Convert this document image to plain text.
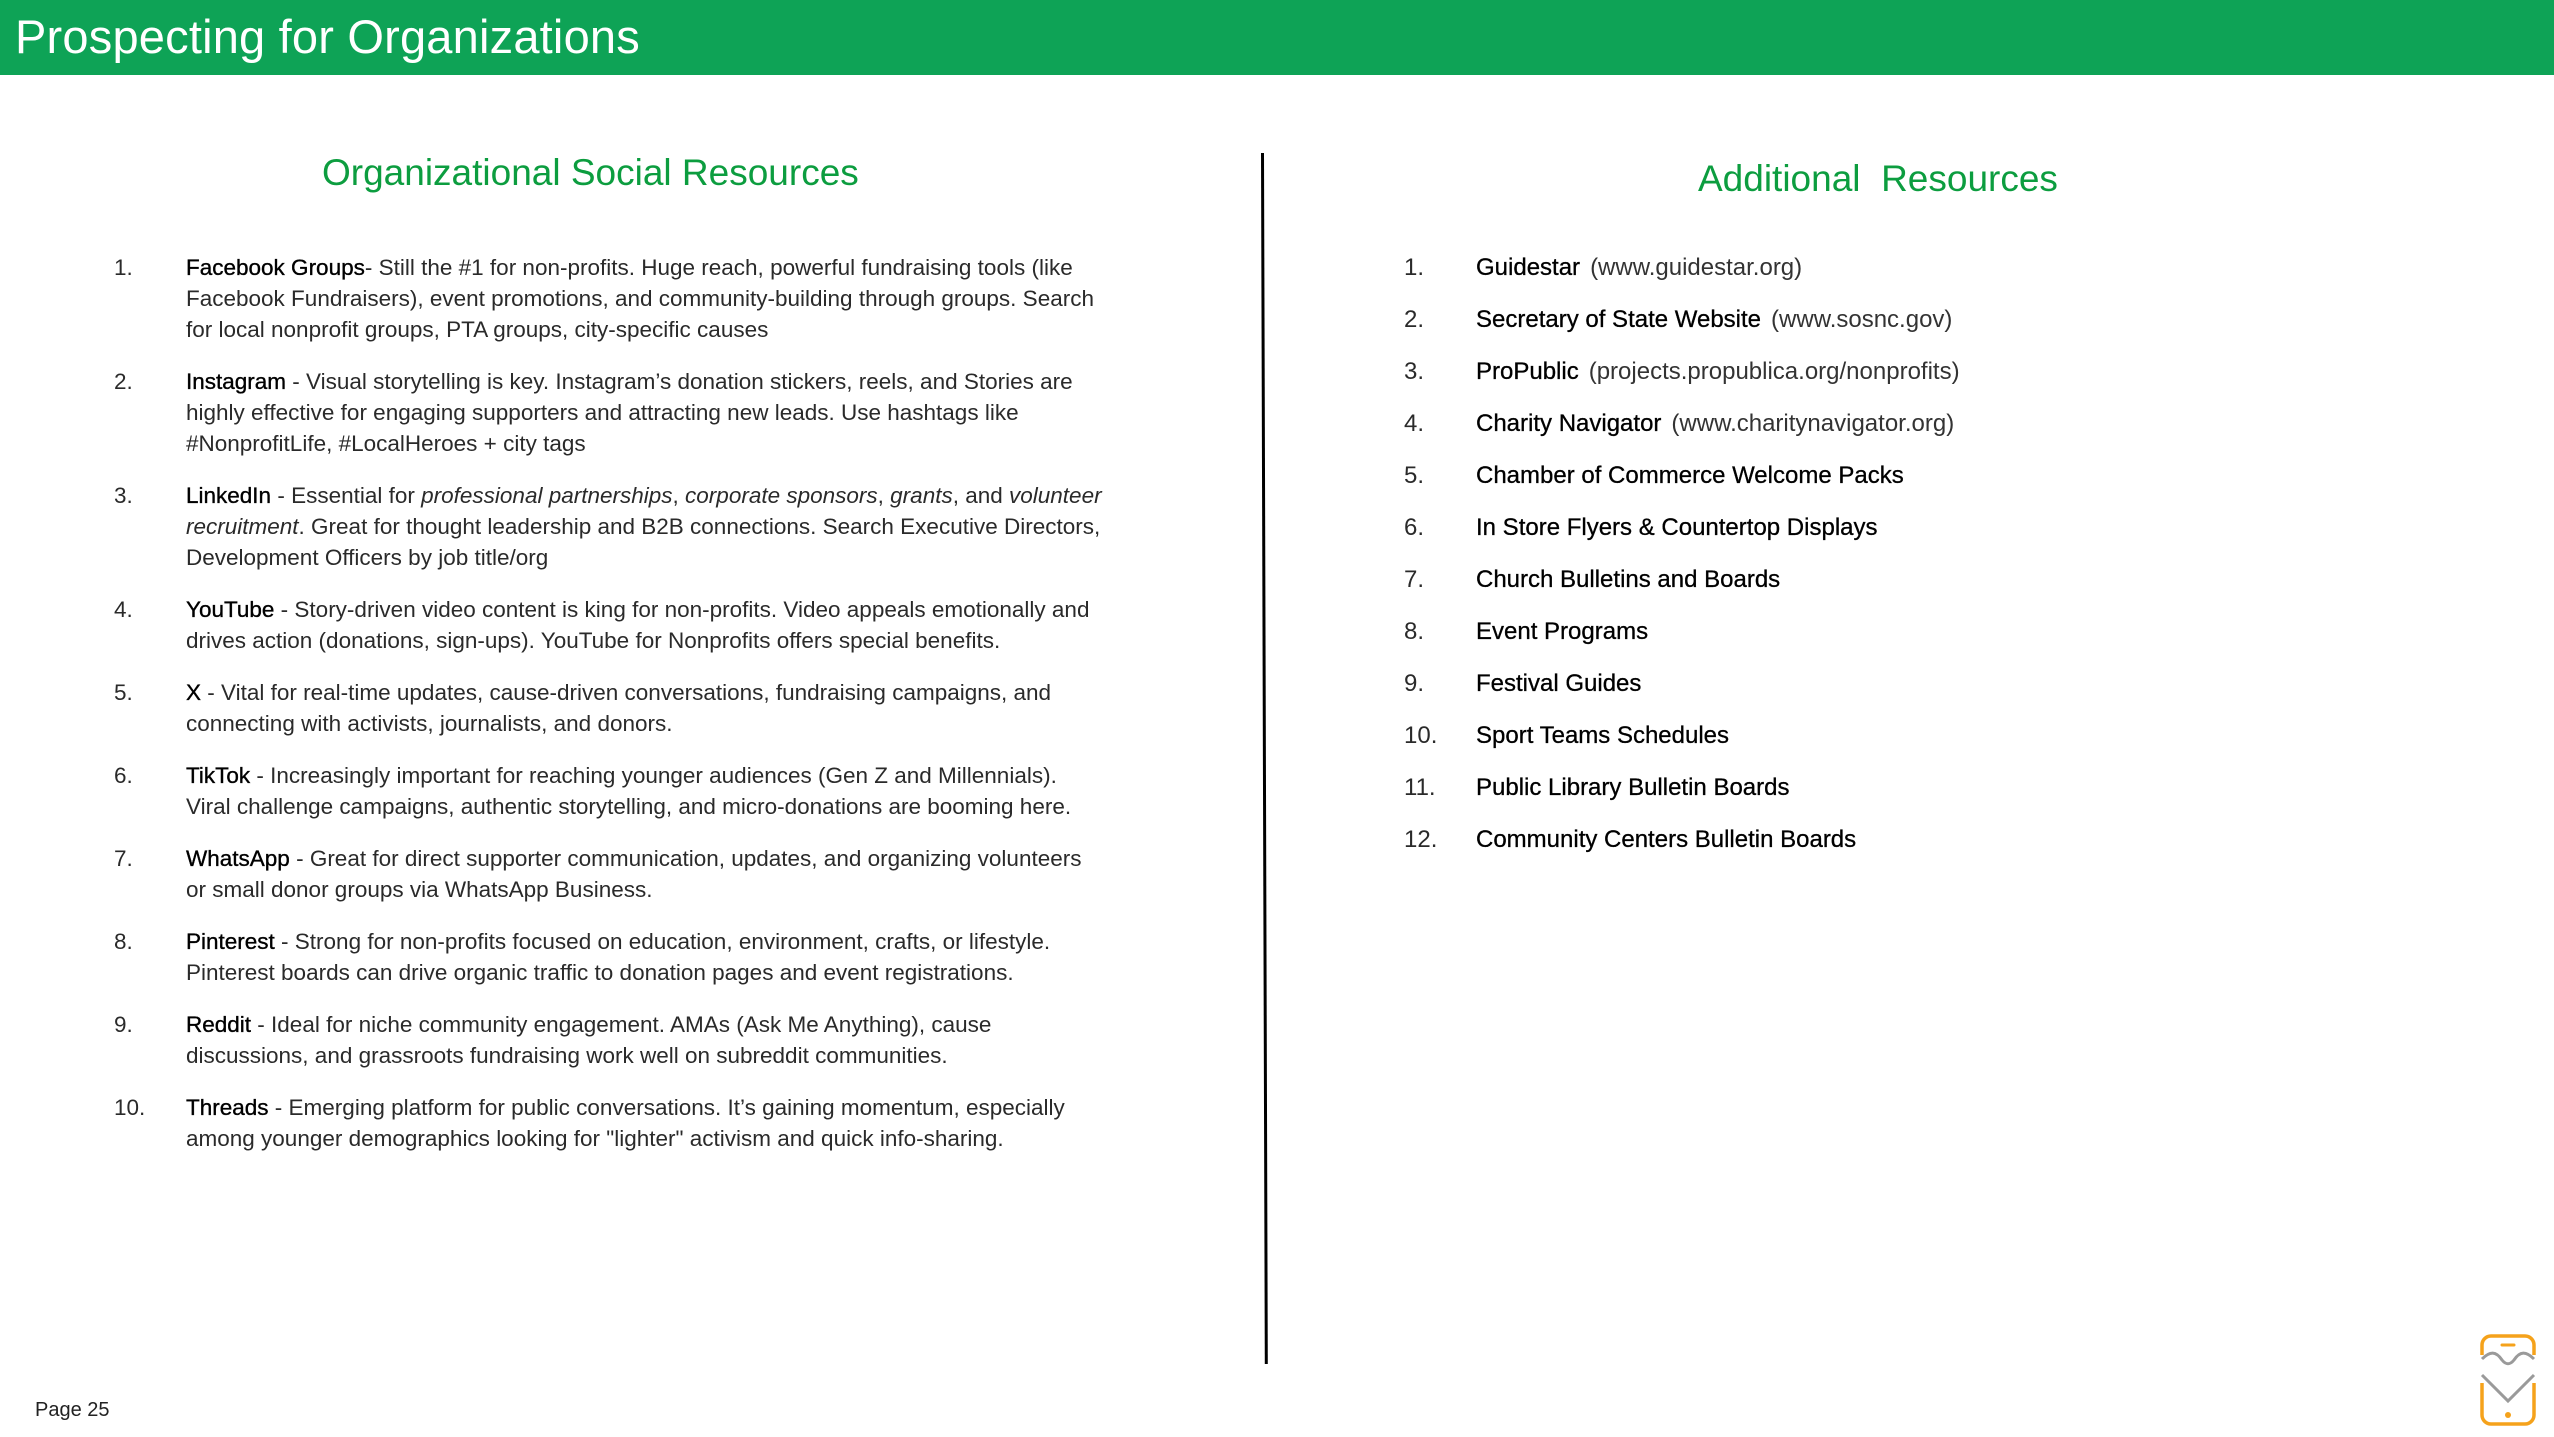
Prospecting for Organizations
Organizational Social Resources	Additional  Resources
1. Facebook Groups- Still the #1 for non-profits. Huge reach, powerful fundraising tools (like Facebook Fundraisers), event promotions, and community-building through groups. Search for local nonprofit groups, PTA groups, city-specific causes
2. Instagram - Visual storytelling is key. Instagram’s donation stickers, reels, and Stories are highly effective for engaging supporters and attracting new leads. Use hashtags like #NonprofitLife, #LocalHeroes + city tags
3. LinkedIn - Essential for professional partnerships, corporate sponsors, grants, and volunteer recruitment. Great for thought leadership and B2B connections. Search Executive Directors, Development Officers by job title/org
4. YouTube - Story-driven video content is king for non-profits. Video appeals emotionally and drives action (donations, sign-ups). YouTube for Nonprofits offers special benefits.
5. X - Vital for real-time updates, cause-driven conversations, fundraising campaigns, and connecting with activists, journalists, and donors.
6. TikTok - Increasingly important for reaching younger audiences (Gen Z and Millennials). Viral challenge campaigns, authentic storytelling, and micro-donations are booming here.
7. WhatsApp - Great for direct supporter communication, updates, and organizing volunteers or small donor groups via WhatsApp Business.
8. Pinterest - Strong for non-profits focused on education, environment, crafts, or lifestyle. Pinterest boards can drive organic traffic to donation pages and event registrations.
9. Reddit - Ideal for niche community engagement. AMAs (Ask Me Anything), cause discussions, and grassroots fundraising work well on subreddit communities.
10. Threads - Emerging platform for public conversations. It’s gaining momentum, especially among younger demographics looking for "lighter" activism and quick info-sharing.
1. Guidestar (www.guidestar.org)
2. Secretary of State Website (www.sosnc.gov)
3. ProPublic (projects.propublica.org/nonprofits)
4. Charity Navigator (www.charitynavigator.org)
5. Chamber of Commerce Welcome Packs
6. In Store Flyers & Countertop Displays
7. Church Bulletins and Boards
8. Event Programs
9. Festival Guides
10. Sport Teams Schedules
11. Public Library Bulletin Boards
12. Community Centers Bulletin Boards
Page 25
